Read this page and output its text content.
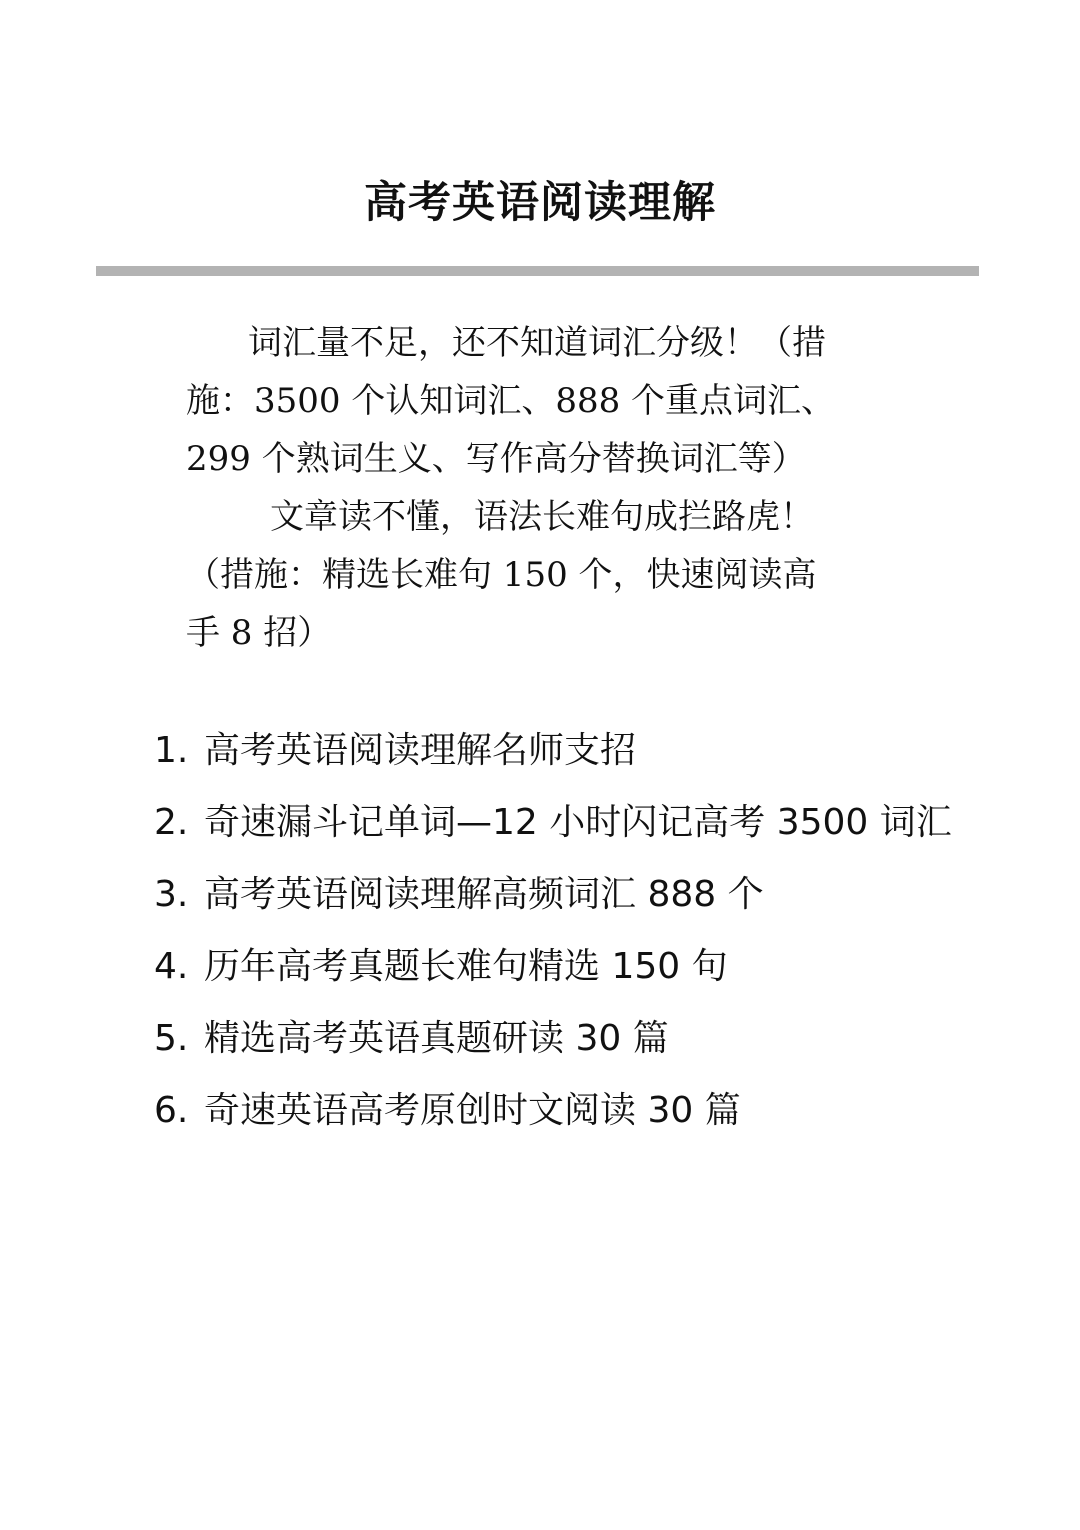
高考英语阅读理解
词汇量不足，还不知道词汇分级！（措
施：3500 个认知词汇、888 个重点词汇、
299 个熟词生义、写作高分替换词汇等）
文章读不懂，语法长难句成拦路虎！
（措施：精选长难句 150 个，快速阅读高
手 8 招）
1. 高考英语阅读理解名师支招
2. 奇速漏斗记单词—12 小时闪记高考 3500 词汇
3. 高考英语阅读理解高频词汇 888 个
4. 历年高考真题长难句精选 150 句
5. 精选高考英语真题研读 30 篇
6. 奇速英语高考原创时文阅读 30 篇
